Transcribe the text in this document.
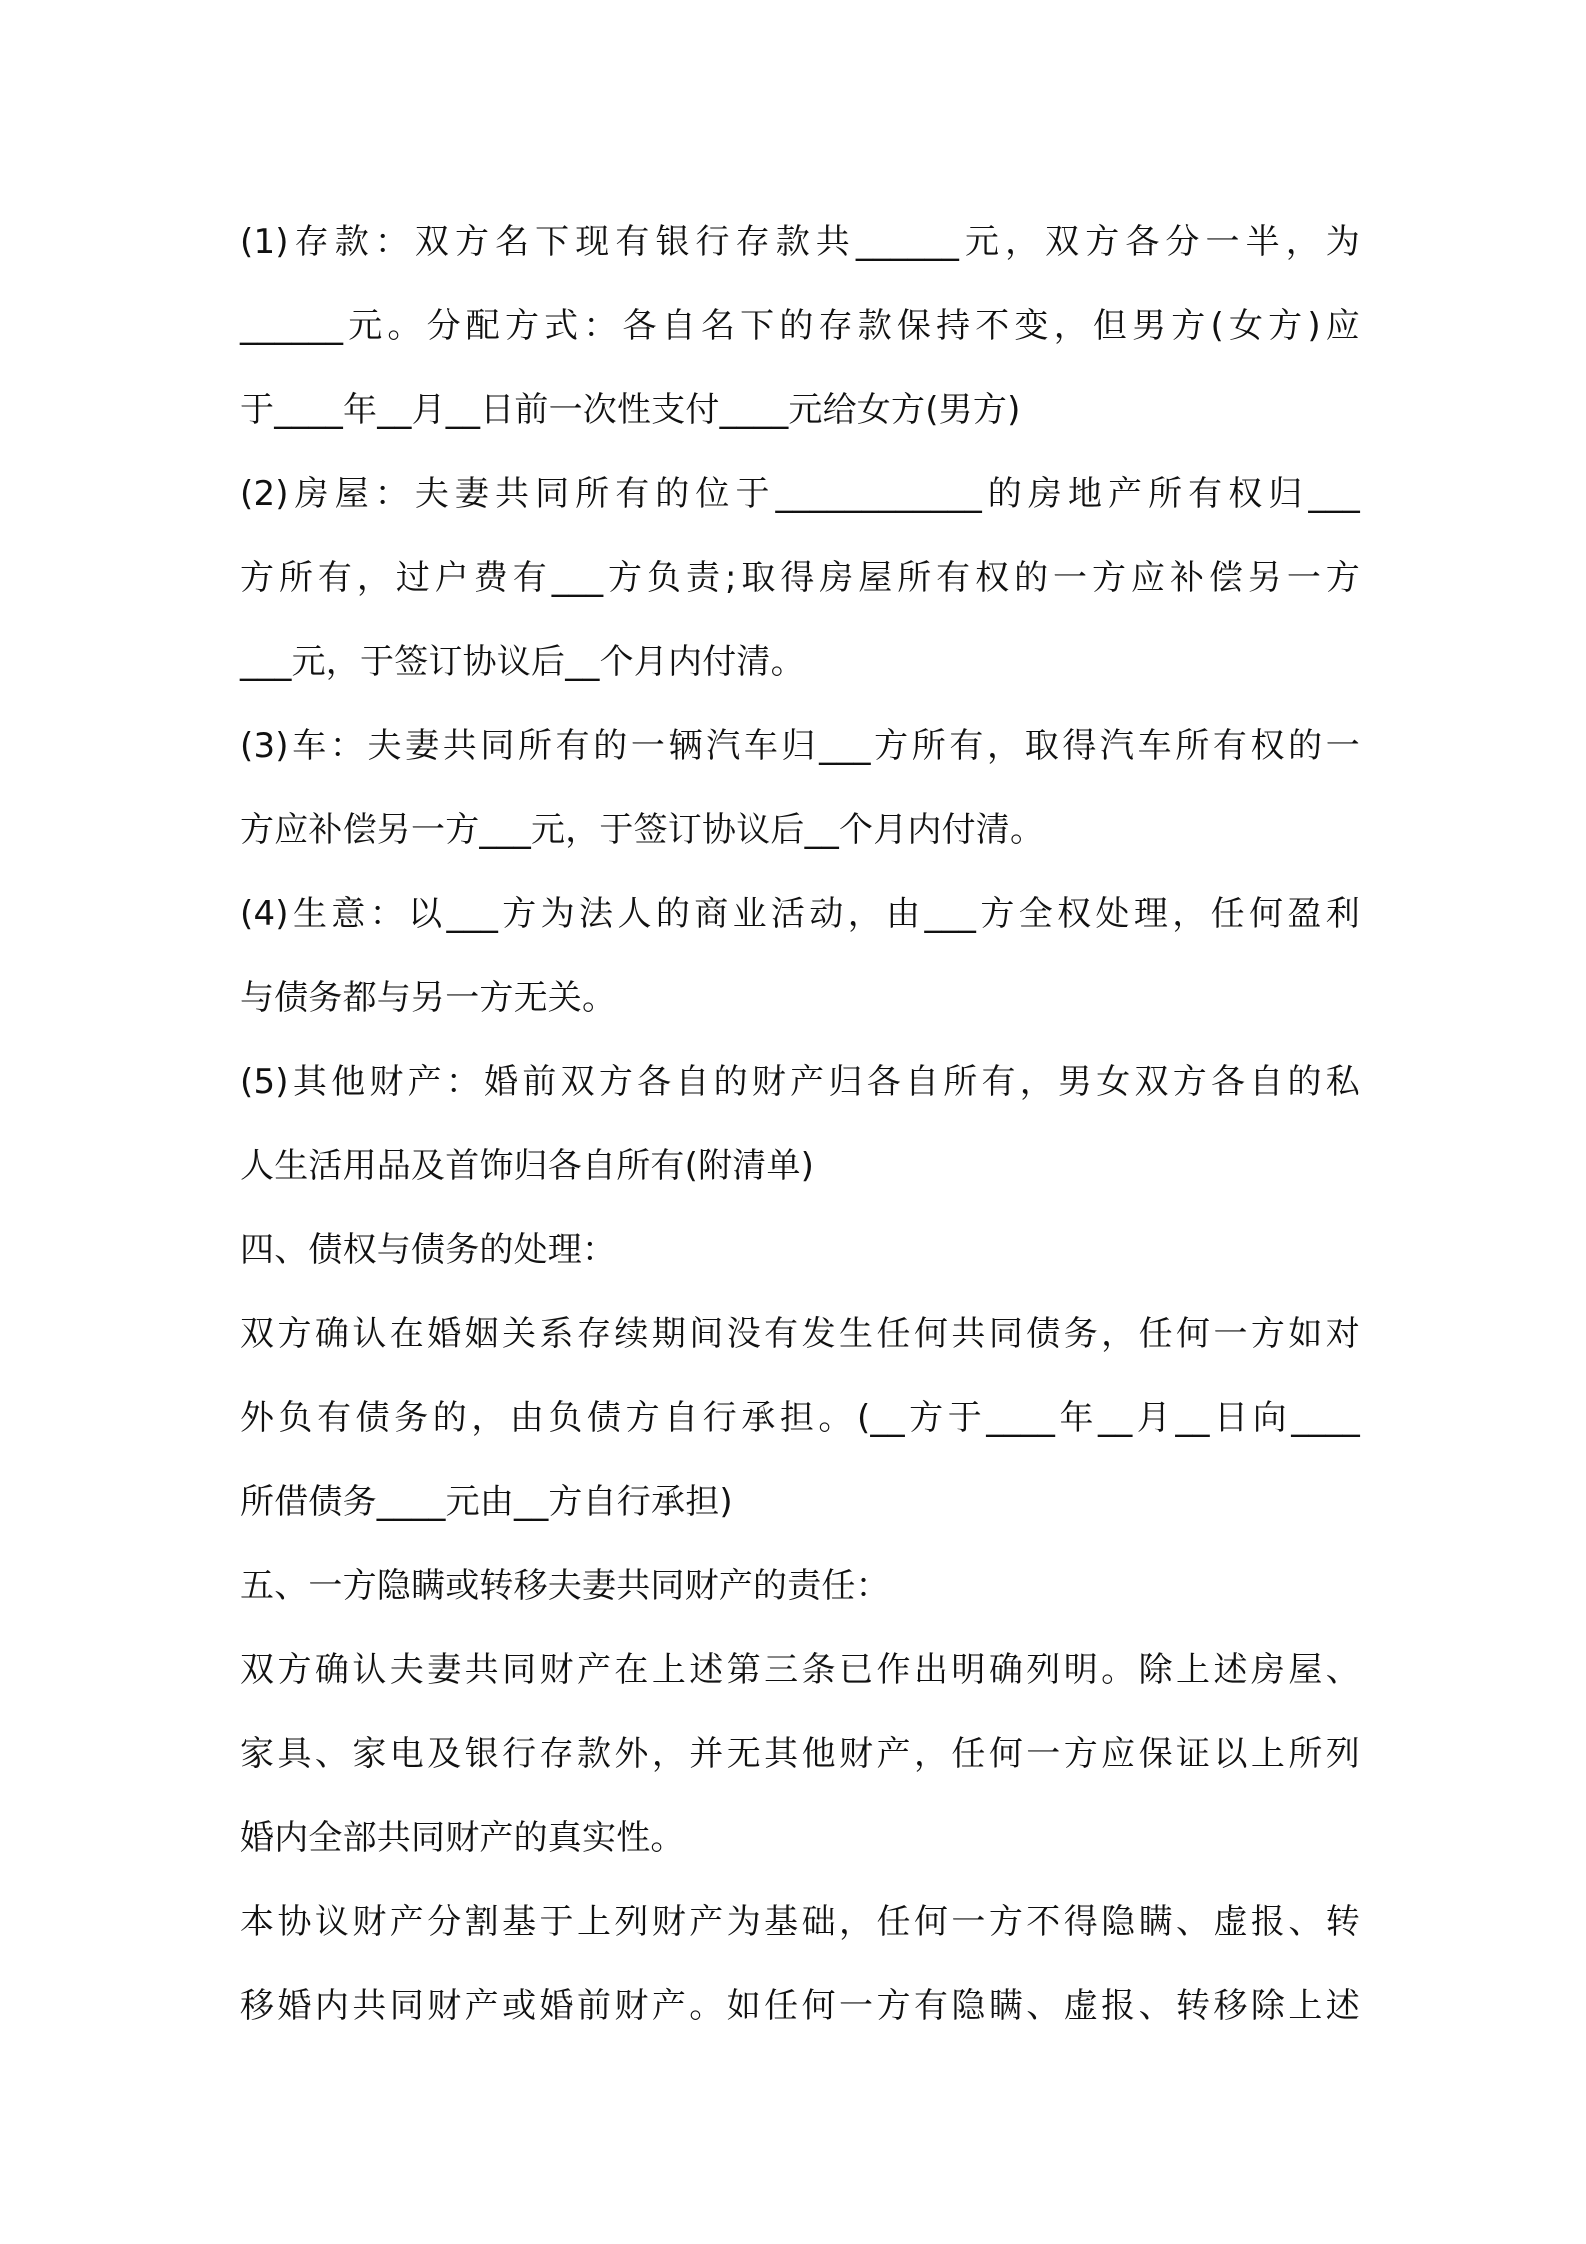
(1)存款：双方名下现有银行存款共______元，双方各分一半，为
______元。分配方式：各自名下的存款保持不变，但男方(女方)应
于____年__月__日前一次性支付____元给女方(男方)
(2)房屋：夫妻共同所有的位于____________的房地产所有权归___
方所有，过户费有___方负责;取得房屋所有权的一方应补偿另一方
___元，于签订协议后__个月内付清。
(3)车：夫妻共同所有的一辆汽车归___方所有，取得汽车所有权的一
方应补偿另一方___元，于签订协议后__个月内付清。
(4)生意：以___方为法人的商业活动，由___方全权处理，任何盈利
与债务都与另一方无关。
(5)其他财产：婚前双方各自的财产归各自所有，男女双方各自的私
人生活用品及首饰归各自所有(附清单)
四、债权与债务的处理：
双方确认在婚姻关系存续期间没有发生任何共同债务，任何一方如对
外负有债务的，由负债方自行承担。(__方于____年__月__日向____
所借债务____元由__方自行承担)
五、一方隐瞒或转移夫妻共同财产的责任：
双方确认夫妻共同财产在上述第三条已作出明确列明。除上述房屋、
家具、家电及银行存款外，并无其他财产，任何一方应保证以上所列
婚内全部共同财产的真实性。
本协议财产分割基于上列财产为基础，任何一方不得隐瞒、虚报、转
移婚内共同财产或婚前财产。如任何一方有隐瞒、虚报、转移除上述
